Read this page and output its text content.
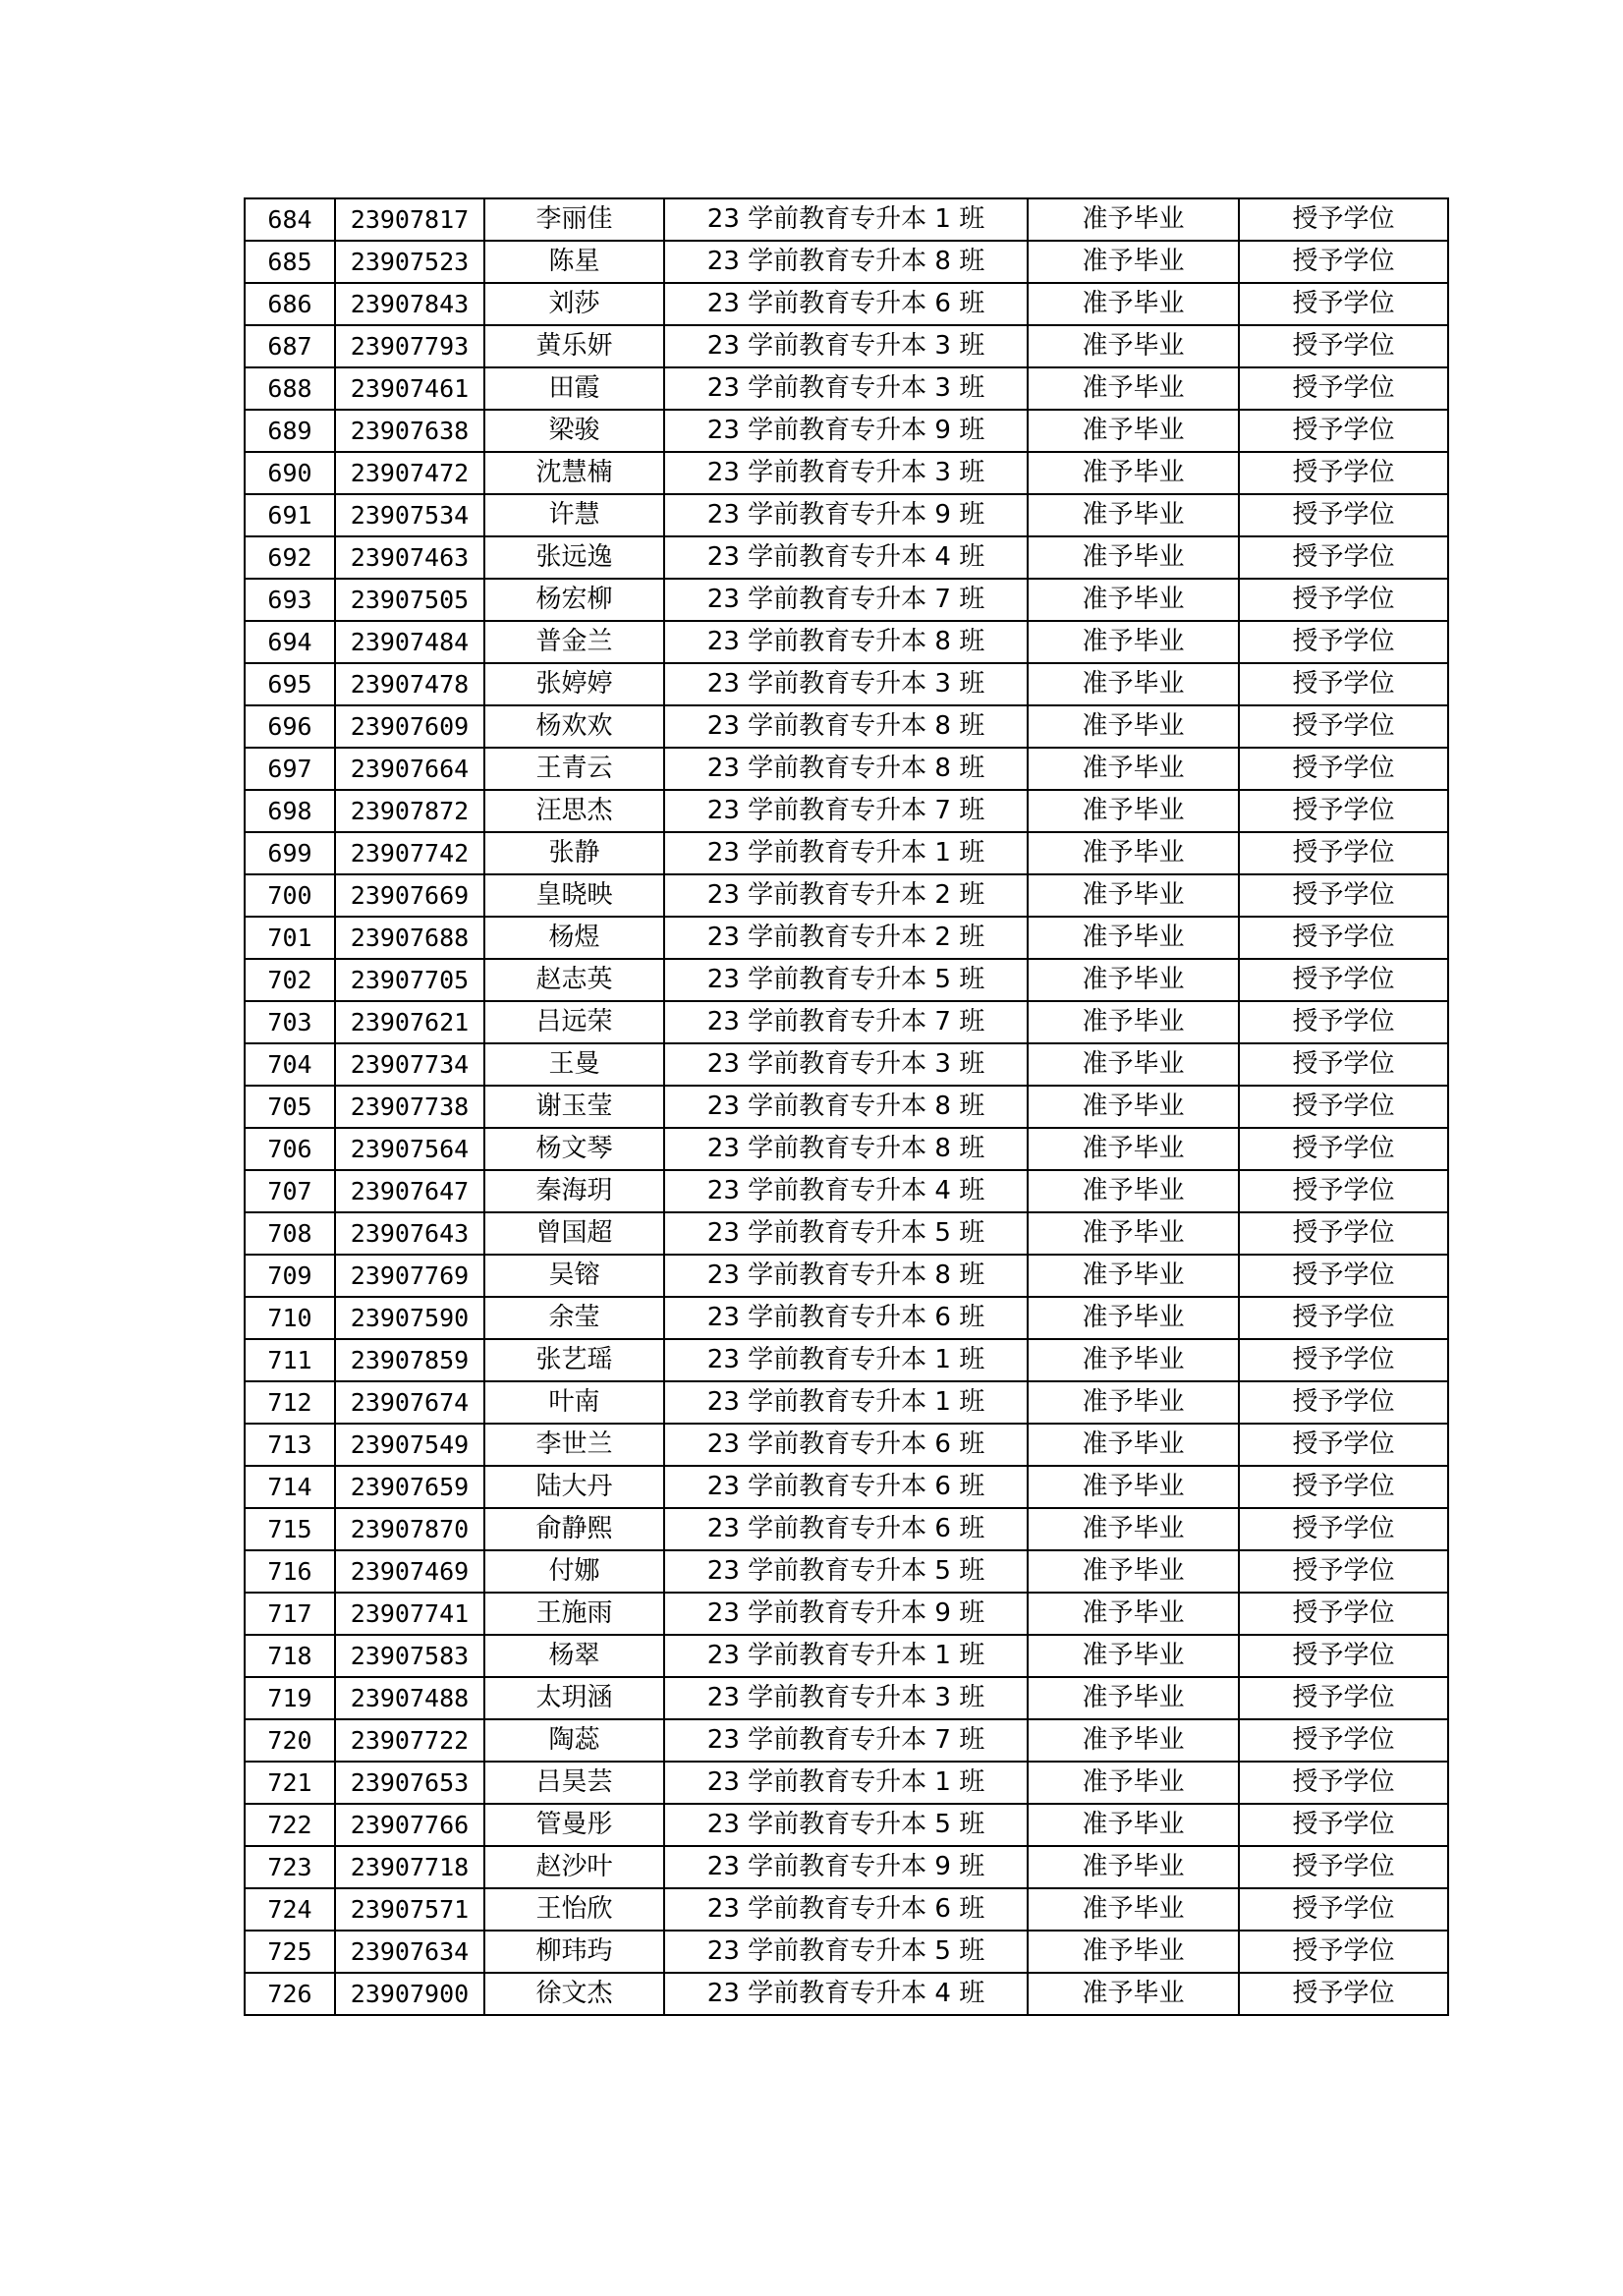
684	23907817	李丽佳	23 学前教育专升本 1 班	准予毕业	授予学位
685	23907523	陈星	23 学前教育专升本 8 班	准予毕业	授予学位
686	23907843	刘莎	23 学前教育专升本 6 班	准予毕业	授予学位
687	23907793	黄乐妍	23 学前教育专升本 3 班	准予毕业	授予学位
688	23907461	田霞	23 学前教育专升本 3 班	准予毕业	授予学位
689	23907638	梁骏	23 学前教育专升本 9 班	准予毕业	授予学位
690	23907472	沈慧楠	23 学前教育专升本 3 班	准予毕业	授予学位
691	23907534	许慧	23 学前教育专升本 9 班	准予毕业	授予学位
692	23907463	张远逸	23 学前教育专升本 4 班	准予毕业	授予学位
693	23907505	杨宏柳	23 学前教育专升本 7 班	准予毕业	授予学位
694	23907484	普金兰	23 学前教育专升本 8 班	准予毕业	授予学位
695	23907478	张婷婷	23 学前教育专升本 3 班	准予毕业	授予学位
696	23907609	杨欢欢	23 学前教育专升本 8 班	准予毕业	授予学位
697	23907664	王青云	23 学前教育专升本 8 班	准予毕业	授予学位
698	23907872	汪思杰	23 学前教育专升本 7 班	准予毕业	授予学位
699	23907742	张静	23 学前教育专升本 1 班	准予毕业	授予学位
700	23907669	皇晓映	23 学前教育专升本 2 班	准予毕业	授予学位
701	23907688	杨煜	23 学前教育专升本 2 班	准予毕业	授予学位
702	23907705	赵志英	23 学前教育专升本 5 班	准予毕业	授予学位
703	23907621	吕远荣	23 学前教育专升本 7 班	准予毕业	授予学位
704	23907734	王曼	23 学前教育专升本 3 班	准予毕业	授予学位
705	23907738	谢玉莹	23 学前教育专升本 8 班	准予毕业	授予学位
706	23907564	杨文琴	23 学前教育专升本 8 班	准予毕业	授予学位
707	23907647	秦海玥	23 学前教育专升本 4 班	准予毕业	授予学位
708	23907643	曾国超	23 学前教育专升本 5 班	准予毕业	授予学位
709	23907769	吴镕	23 学前教育专升本 8 班	准予毕业	授予学位
710	23907590	余莹	23 学前教育专升本 6 班	准予毕业	授予学位
711	23907859	张艺瑶	23 学前教育专升本 1 班	准予毕业	授予学位
712	23907674	叶南	23 学前教育专升本 1 班	准予毕业	授予学位
713	23907549	李世兰	23 学前教育专升本 6 班	准予毕业	授予学位
714	23907659	陆大丹	23 学前教育专升本 6 班	准予毕业	授予学位
715	23907870	俞静熙	23 学前教育专升本 6 班	准予毕业	授予学位
716	23907469	付娜	23 学前教育专升本 5 班	准予毕业	授予学位
717	23907741	王施雨	23 学前教育专升本 9 班	准予毕业	授予学位
718	23907583	杨翠	23 学前教育专升本 1 班	准予毕业	授予学位
719	23907488	太玥涵	23 学前教育专升本 3 班	准予毕业	授予学位
720	23907722	陶蕊	23 学前教育专升本 7 班	准予毕业	授予学位
721	23907653	吕昊芸	23 学前教育专升本 1 班	准予毕业	授予学位
722	23907766	管曼彤	23 学前教育专升本 5 班	准予毕业	授予学位
723	23907718	赵沙叶	23 学前教育专升本 9 班	准予毕业	授予学位
724	23907571	王怡欣	23 学前教育专升本 6 班	准予毕业	授予学位
725	23907634	柳玮玙	23 学前教育专升本 5 班	准予毕业	授予学位
726	23907900	徐文杰	23 学前教育专升本 4 班	准予毕业	授予学位
